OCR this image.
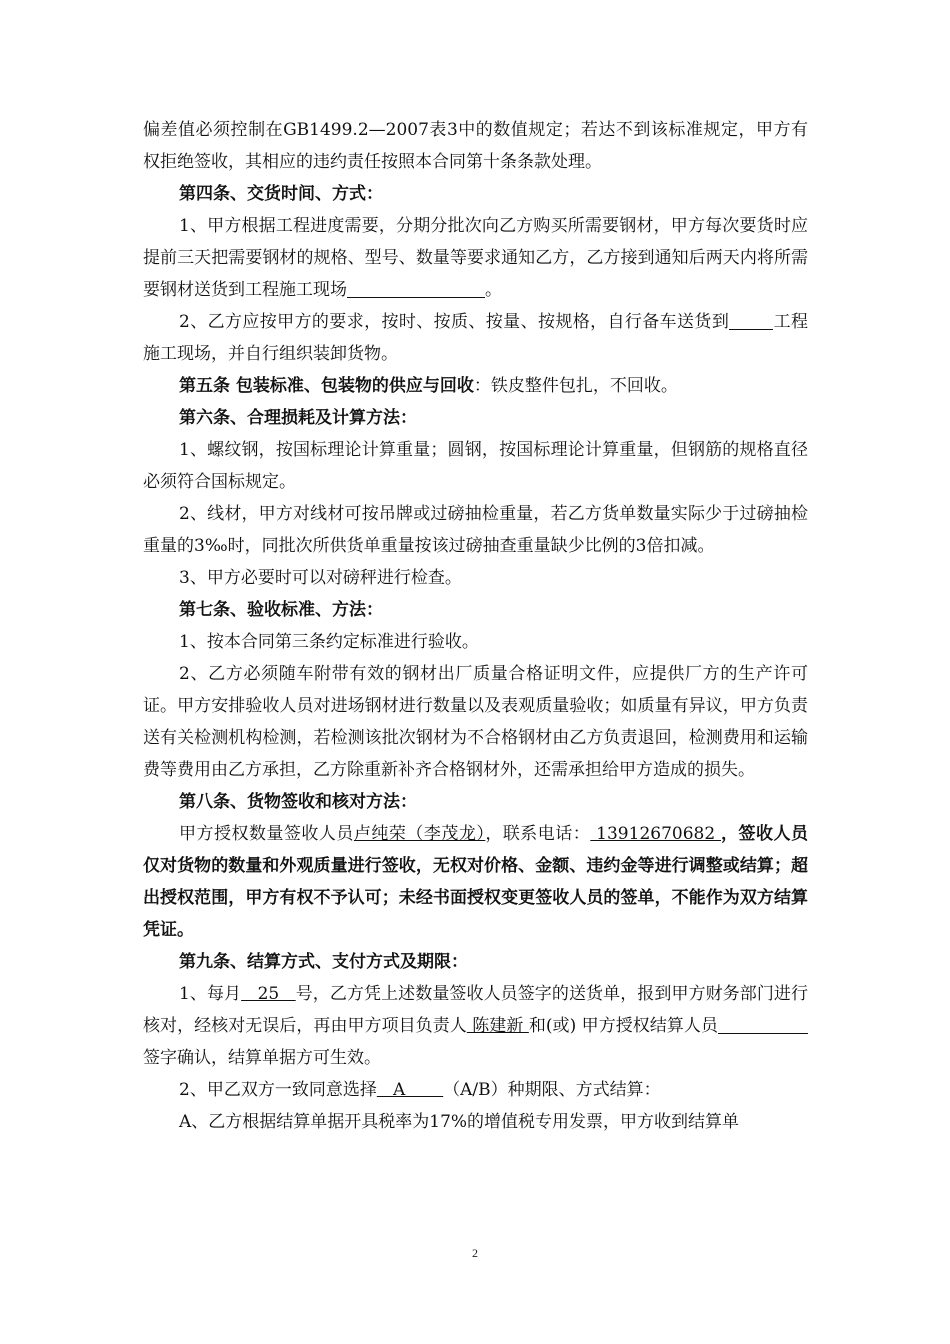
偏差值必须控制在GB1499.2—2007表3中的数值规定；若达不到该标准规定，甲方有权拒绝签收，其相应的违约责任按照本合同第十条条款处理。

第四条、交货时间、方式：

1、甲方根据工程进度需要，分期分批次向乙方购买所需要钢材，甲方每次要货时应提前三天把需要钢材的规格、型号、数量等要求通知乙方，乙方接到通知后两天内将所需要钢材送货到工程施工现场	。

2、乙方应按甲方的要求，按时、按质、按量、按规格，自行备车送货到	工程施工现场，并自行组织装卸货物。

第五条 包装标准、包装物的供应与回收：铁皮整件包扎，不回收。

第六条、合理损耗及计算方法：

1、螺纹钢，按国标理论计算重量；圆钢，按国标理论计算重量，但钢筋的规格直径必须符合国标规定。

2、线材，甲方对线材可按吊牌或过磅抽检重量，若乙方货单数量实际少于过磅抽检重量的3‰时，同批次所供货单重量按该过磅抽查重量缺少比例的3倍扣减。

3、甲方必要时可以对磅秤进行检查。

第七条、验收标准、方法：

1、按本合同第三条约定标准进行验收。

2、乙方必须随车附带有效的钢材出厂质量合格证明文件，应提供厂方的生产许可证。甲方安排验收人员对进场钢材进行数量以及表观质量验收；如质量有异议，甲方负责送有关检测机构检测，若检测该批次钢材为不合格钢材由乙方负责退回，检测费用和运输费等费用由乙方承担，乙方除重新补齐合格钢材外，还需承担给甲方造成的损失。

第八条、货物签收和核对方法：

甲方授权数量签收人员卢纯荣（李茂龙），联系电话： 13912670682 ，签收人员仅对货物的数量和外观质量进行签收，无权对价格、金额、违约金等进行调整或结算；超出授权范围，甲方有权不予认可；未经书面授权变更签收人员的签单，不能作为双方结算凭证。

第九条、结算方式、支付方式及期限：

1、每月   25   号，乙方凭上述数量签收人员签字的送货单，报到甲方财务部门进行核对，经核对无误后，再由甲方项目负责人 陈建新 和(或) 甲方授权结算人员签字确认，结算单据方可生效。

2、甲乙双方一致同意选择   A       （A/B）种期限、方式结算：

A、乙方根据结算单据开具税率为17%的增值税专用发票，甲方收到结算单

2
